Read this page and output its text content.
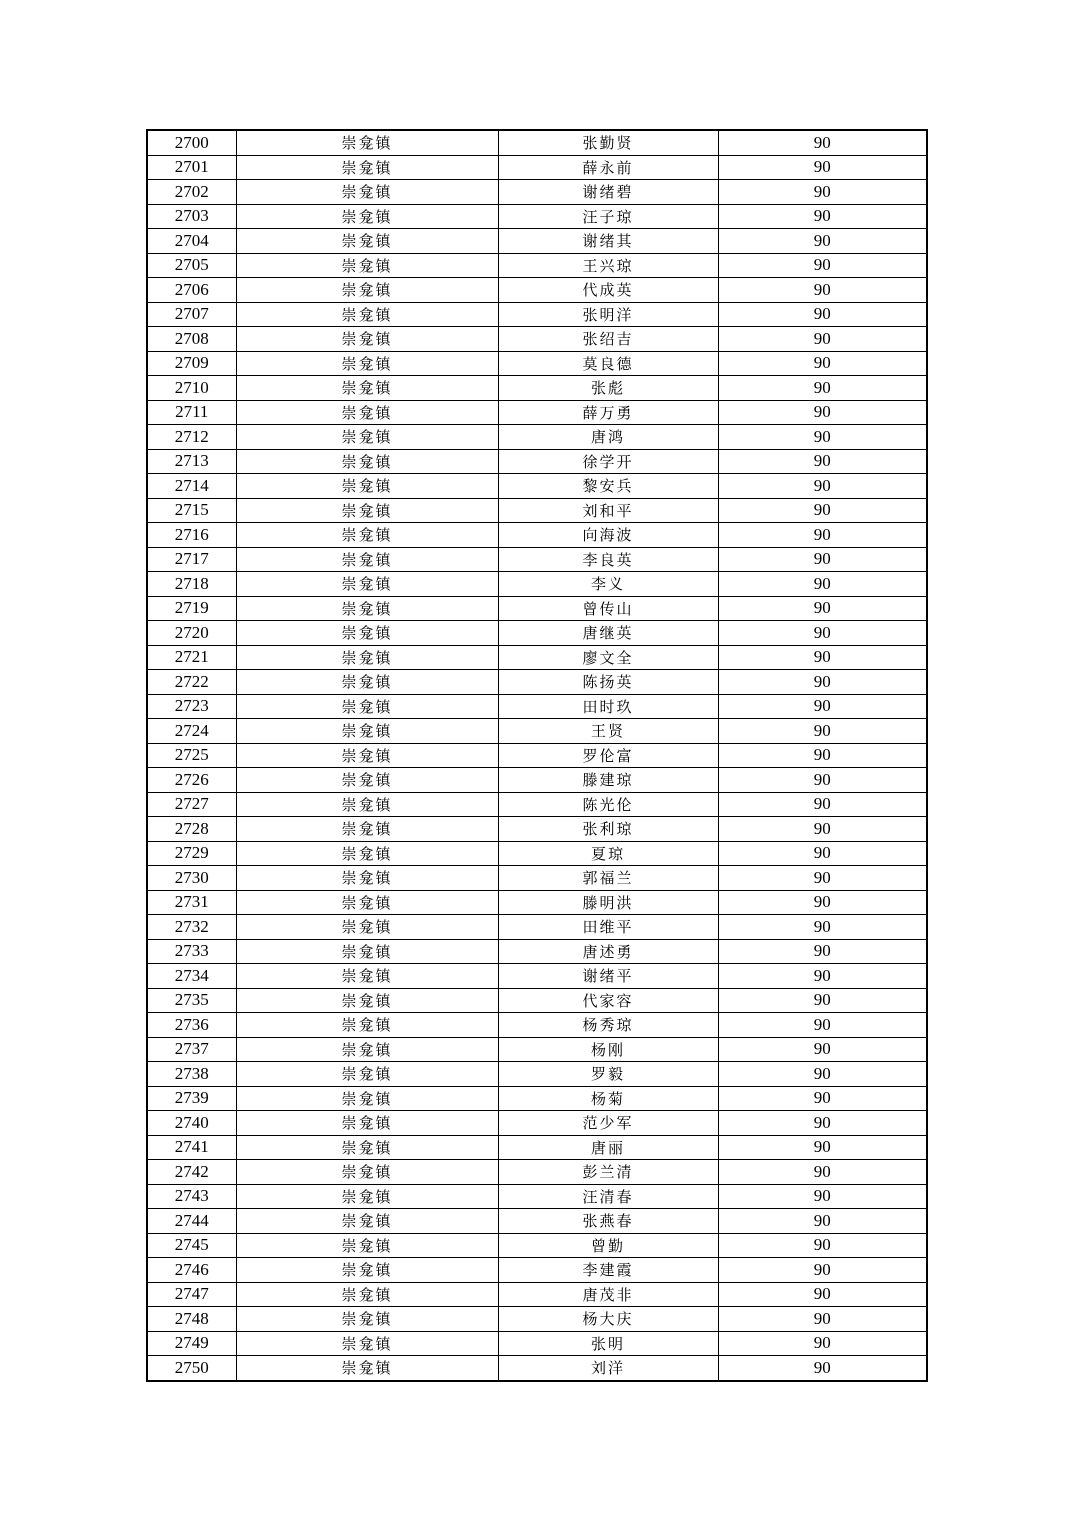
2700	崇龛镇	张勤贤	90
2701	崇龛镇	薛永前	90
2702	崇龛镇	谢绪碧	90
2703	崇龛镇	汪子琼	90
2704	崇龛镇	谢绪其	90
2705	崇龛镇	王兴琼	90
2706	崇龛镇	代成英	90
2707	崇龛镇	张明洋	90
2708	崇龛镇	张绍吉	90
2709	崇龛镇	莫良德	90
2710	崇龛镇	张彪	90
2711	崇龛镇	薛万勇	90
2712	崇龛镇	唐鸿	90
2713	崇龛镇	徐学开	90
2714	崇龛镇	黎安兵	90
2715	崇龛镇	刘和平	90
2716	崇龛镇	向海波	90
2717	崇龛镇	李良英	90
2718	崇龛镇	李义	90
2719	崇龛镇	曾传山	90
2720	崇龛镇	唐继英	90
2721	崇龛镇	廖文全	90
2722	崇龛镇	陈扬英	90
2723	崇龛镇	田时玖	90
2724	崇龛镇	王贤	90
2725	崇龛镇	罗伦富	90
2726	崇龛镇	滕建琼	90
2727	崇龛镇	陈光伦	90
2728	崇龛镇	张利琼	90
2729	崇龛镇	夏琼	90
2730	崇龛镇	郭福兰	90
2731	崇龛镇	滕明洪	90
2732	崇龛镇	田维平	90
2733	崇龛镇	唐述勇	90
2734	崇龛镇	谢绪平	90
2735	崇龛镇	代家容	90
2736	崇龛镇	杨秀琼	90
2737	崇龛镇	杨刚	90
2738	崇龛镇	罗毅	90
2739	崇龛镇	杨菊	90
2740	崇龛镇	范少军	90
2741	崇龛镇	唐丽	90
2742	崇龛镇	彭兰清	90
2743	崇龛镇	汪清春	90
2744	崇龛镇	张燕春	90
2745	崇龛镇	曾勤	90
2746	崇龛镇	李建霞	90
2747	崇龛镇	唐茂非	90
2748	崇龛镇	杨大庆	90
2749	崇龛镇	张明	90
2750	崇龛镇	刘洋	90
